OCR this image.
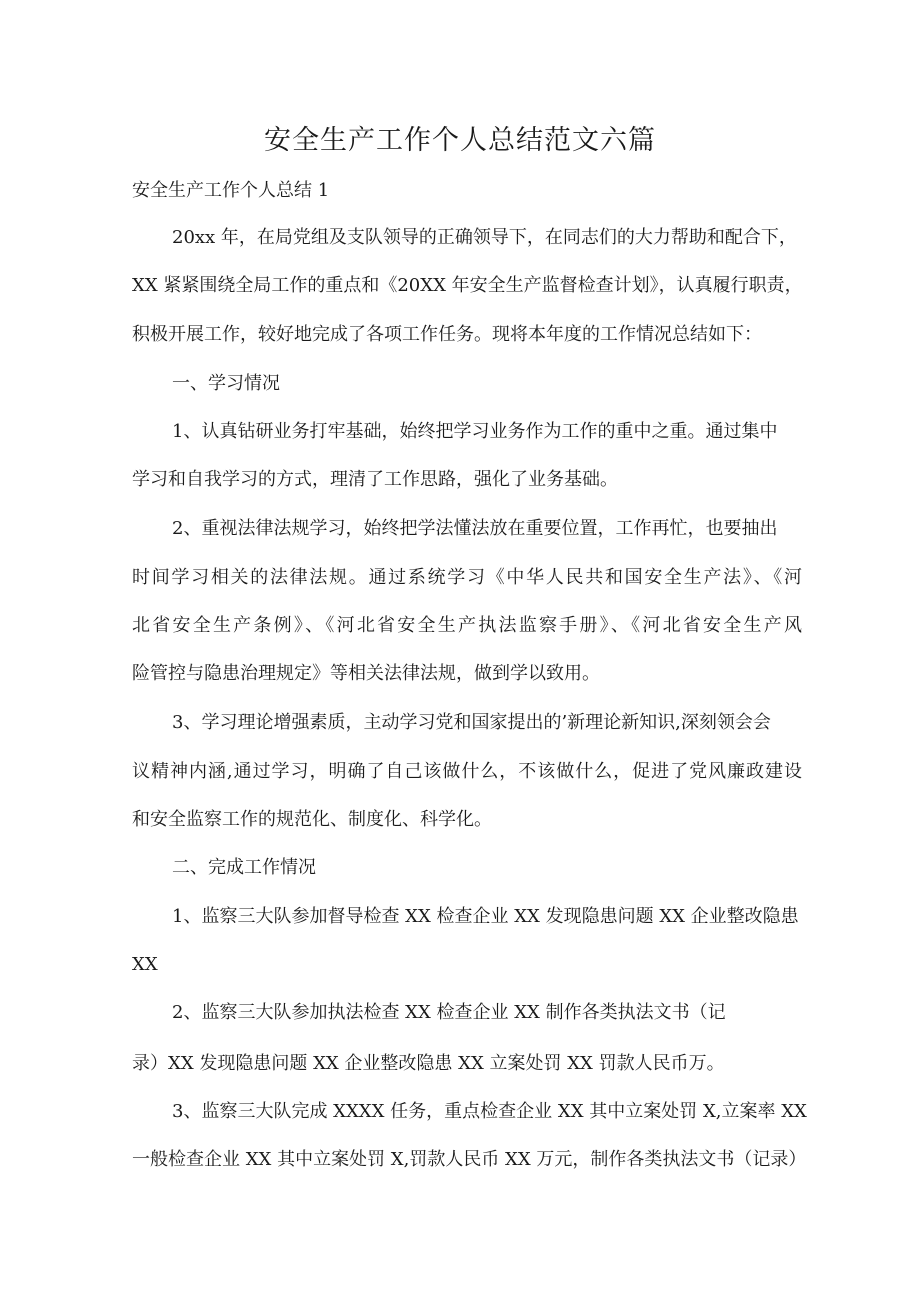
安全生产工作个人总结范文六篇
安全生产工作个人总结 1
20xx 年，在局党组及支队领导的正确领导下，在同志们的大力帮助和配合下，
XX 紧紧围绕全局工作的重点和《20XX 年安全生产监督检查计划》，认真履行职责，
积极开展工作，较好地完成了各项工作任务。现将本年度的工作情况总结如下：
一、学习情况
1、认真钻研业务打牢基础，始终把学习业务作为工作的重中之重。通过集中
学习和自我学习的方式，理清了工作思路，强化了业务基础。
2、重视法律法规学习，始终把学法懂法放在重要位置，工作再忙，也要抽出
时间学习相关的法律法规。通过系统学习《中华人民共和国安全生产法》、《河
北省安全生产条例》、《河北省安全生产执法监察手册》、《河北省安全生产风
险管控与隐患治理规定》等相关法律法规，做到学以致用。
3、学习理论增强素质，主动学习党和国家提出的’新理论新知识,深刻领会会
议精神内涵,通过学习，明确了自己该做什么，不该做什么，促进了党风廉政建设
和安全监察工作的规范化、制度化、科学化。
二、完成工作情况
1、监察三大队参加督导检查 XX 检查企业 XX 发现隐患问题 XX 企业整改隐患
XX
2、监察三大队参加执法检查 XX 检查企业 XX 制作各类执法文书（记
录）XX 发现隐患问题 XX 企业整改隐患 XX 立案处罚 XX 罚款人民币万。
3、监察三大队完成 XXXX 任务，重点检查企业 XX 其中立案处罚 X,立案率 XX
一般检查企业 XX 其中立案处罚 X,罚款人民币 XX 万元，制作各类执法文书（记录）
